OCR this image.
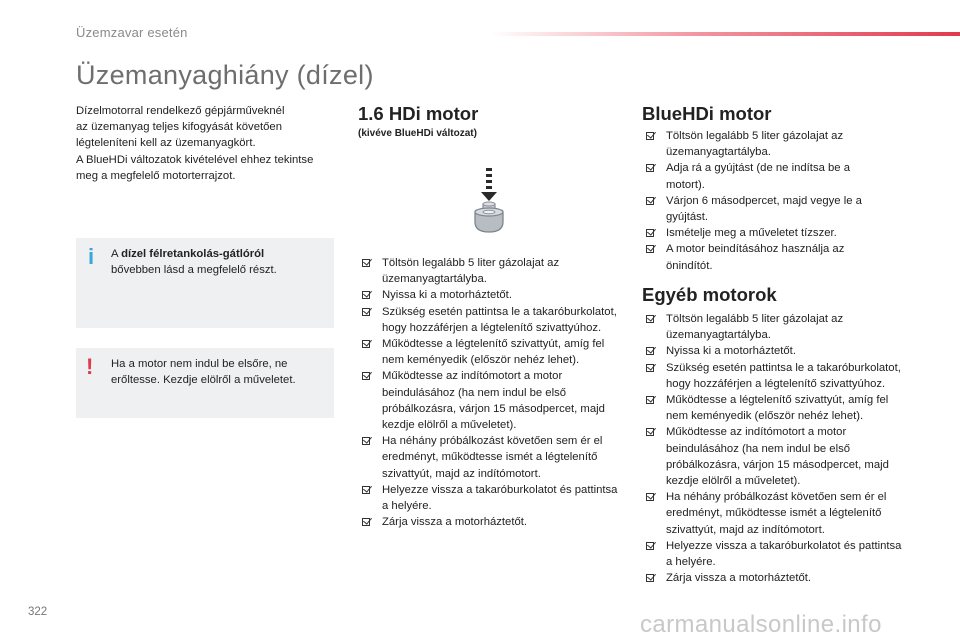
Üzemzavar esetén
Üzemanyaghiány (dízel)

Dízelmotorral rendelkező gépjárműveknél

az üzemanyag teljes kifogyását követően

légteleníteni kell az üzemanyagkört.

A BlueHDi változatok kivételével ehhez tekintse

meg a megfelelő motorterrajzot.

i A dízel félretankolás-gátlóról
bővebben lásd a megfelelő részt.
! Ha a motor nem indul be elsőre, ne erőltesse. Kezdje elölről a műveletet.
1.6 HDi motor
(kivéve BlueHDi változat)
Töltsön legalább 5 liter gázolajat az üzemanyagtartályba.
Nyissa ki a motorháztetőt.
Szükség esetén pattintsa le a takaróburkolatot, hogy hozzáférjen a légtelenítő szivattyúhoz.
Működtesse a légtelenítő szivattyút, amíg fel nem keményedik (először nehéz lehet).
Működtesse az indítómotort a motor beindulásához (ha nem indul be első próbálkozásra, várjon 15 másodpercet, majd kezdje elölről a műveletet).
Ha néhány próbálkozást követően sem ér el eredményt, működtesse ismét a légtelenítő szivattyút, majd az indítómotort.
Helyezze vissza a takaróburkolatot és pattintsa a helyére.
Zárja vissza a motorháztetőt.
BlueHDi motor
Töltsön legalább 5 liter gázolajat az üzemanyagtartályba.
Adja rá a gyújtást (de ne indítsa be a motort).
Várjon 6 másodpercet, majd vegye le a gyújtást.
Ismételje meg a műveletet tízszer.
A motor beindításához használja az önindítót.
Egyéb motorok
Töltsön legalább 5 liter gázolajat az üzemanyagtartályba.
Nyissa ki a motorháztetőt.
Szükség esetén pattintsa le a takaróburkolatot, hogy hozzáférjen a légtelenítő szivattyúhoz.
Működtesse a légtelenítő szivattyút, amíg fel nem keményedik (először nehéz lehet).
Működtesse az indítómotort a motor beindulásához (ha nem indul be első próbálkozásra, várjon 15 másodpercet, majd kezdje elölről a műveletet).
Ha néhány próbálkozást követően sem ér el eredményt, működtesse ismét a légtelenítő szivattyút, majd az indítómotort.
Helyezze vissza a takaróburkolatot és pattintsa a helyére.
Zárja vissza a motorháztetőt.
322	carmanualsonline.info
